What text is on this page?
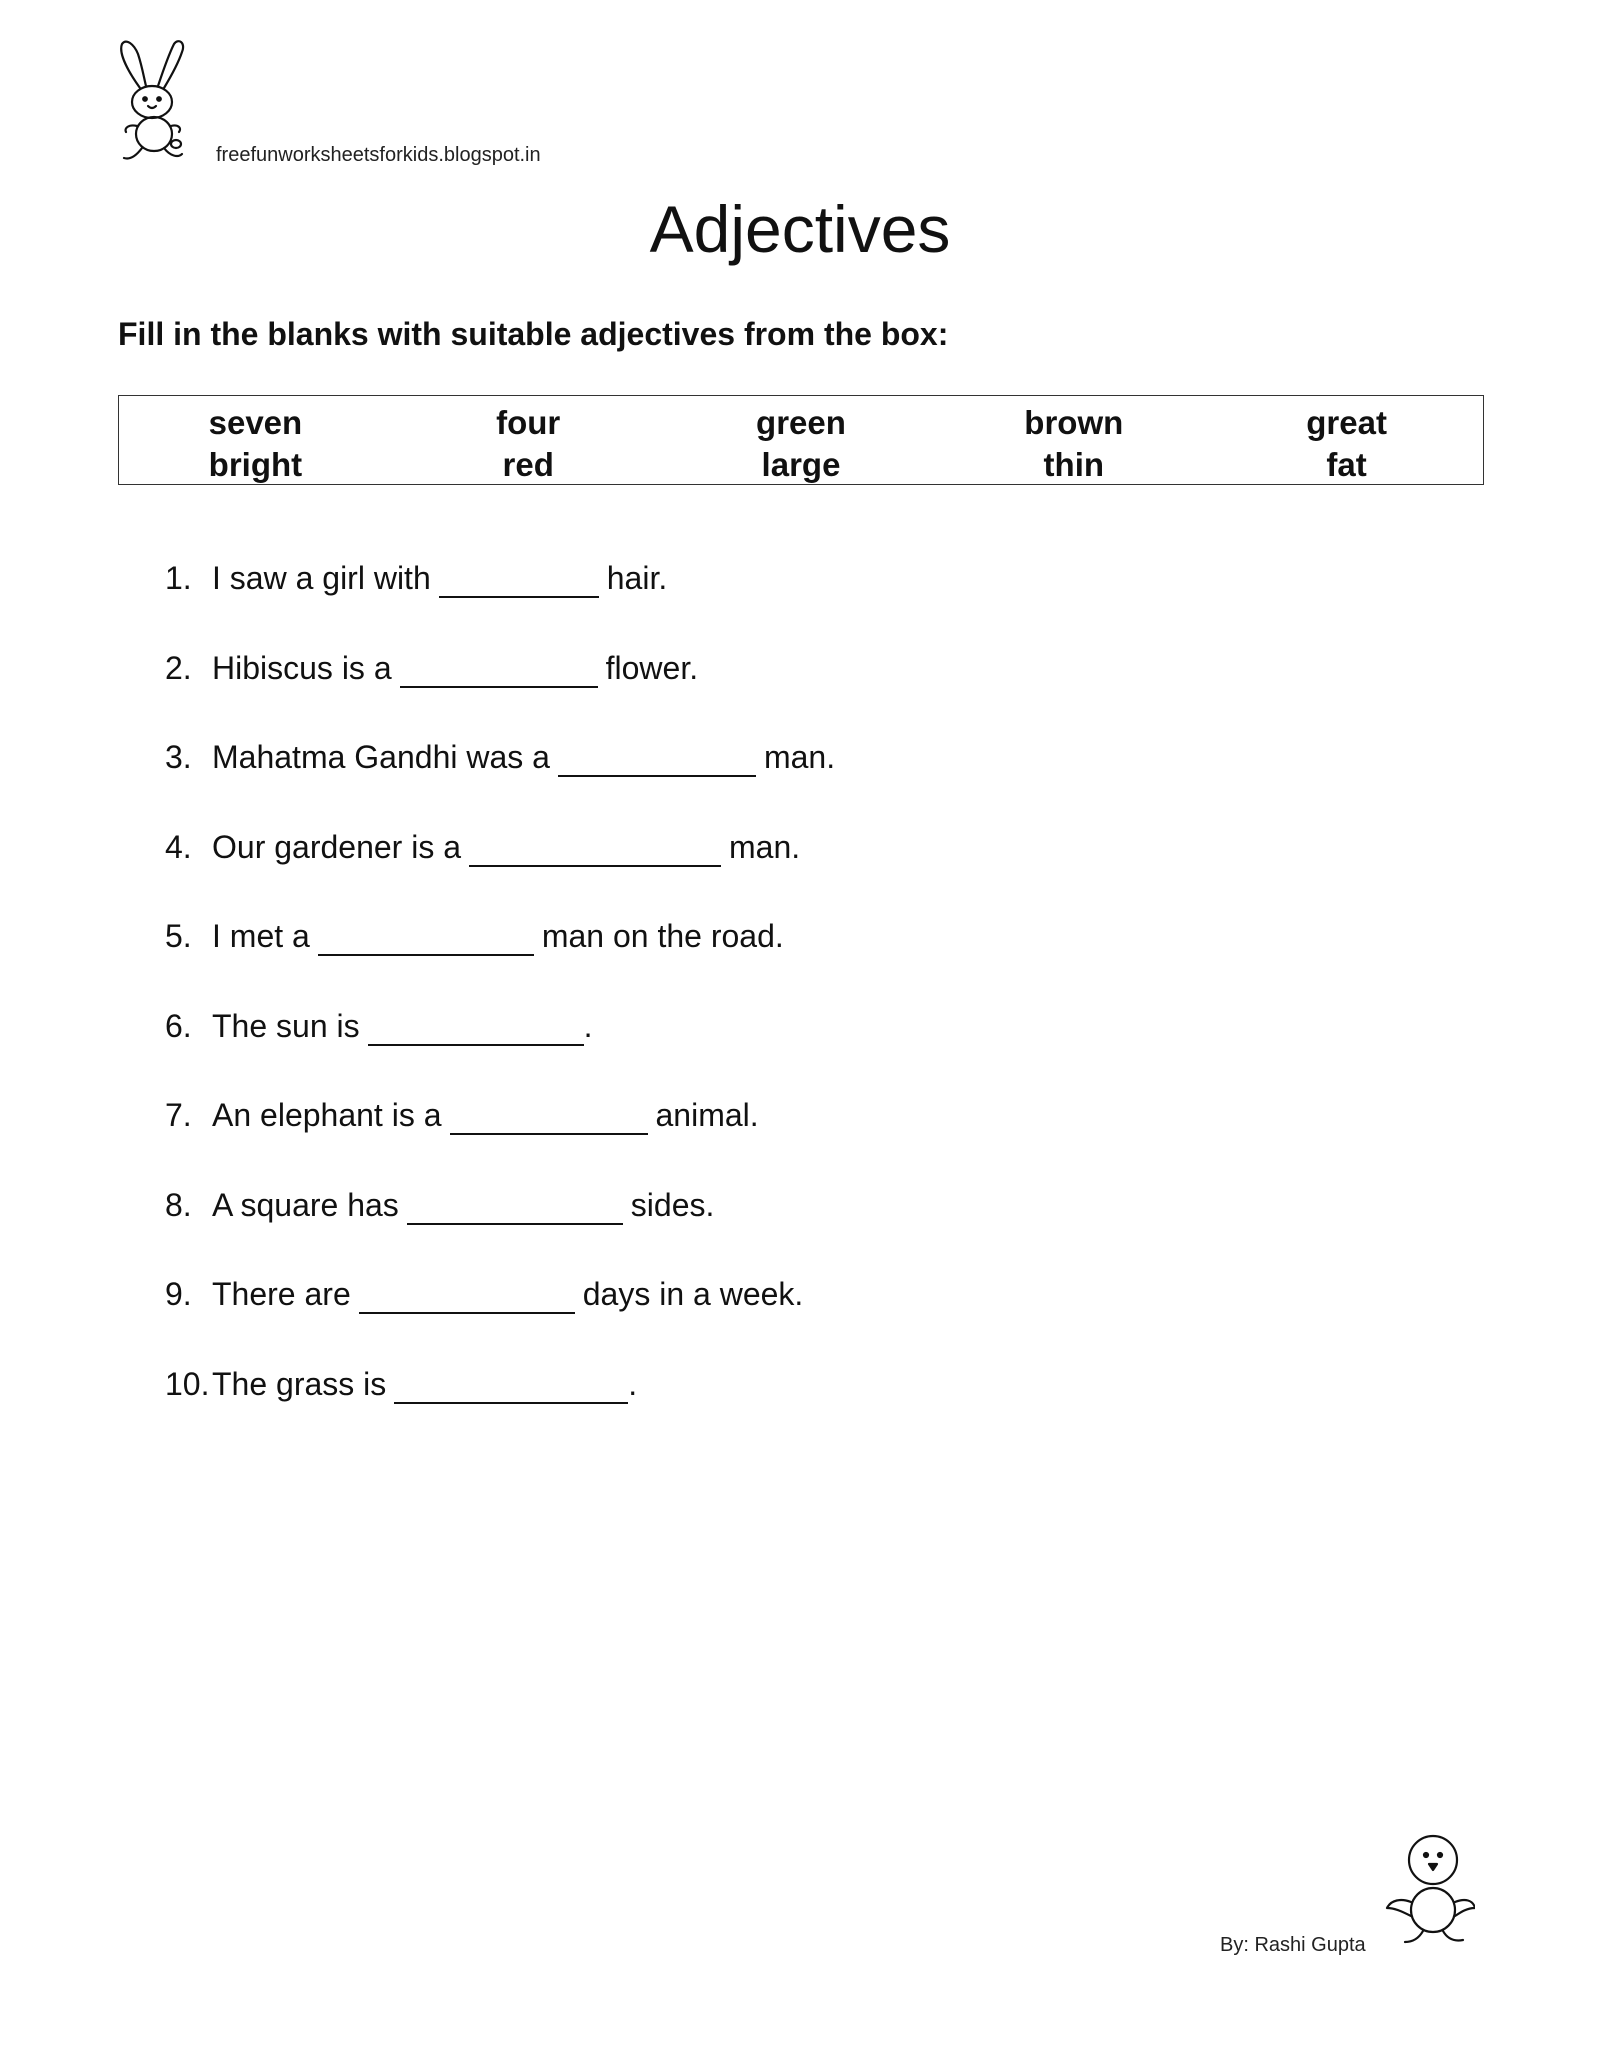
freefunworksheetsforkids.blogspot.in
Adjectives

Fill in the blanks with suitable adjectives from the box:

seven	four	green	brown	great
bright	red	large	thin	fat
1. I saw a girl with	hair.
2. Hibiscus is a	flower.
3. Mahatma Gandhi was a	man.
4. Our gardener is a	man.
5. I met a	man on the road.
6. The sun is	.
7. An elephant is a	animal.
8. A square has	sides.
9. There are	days in a week.
10. The grass is	.
By: Rashi Gupta
